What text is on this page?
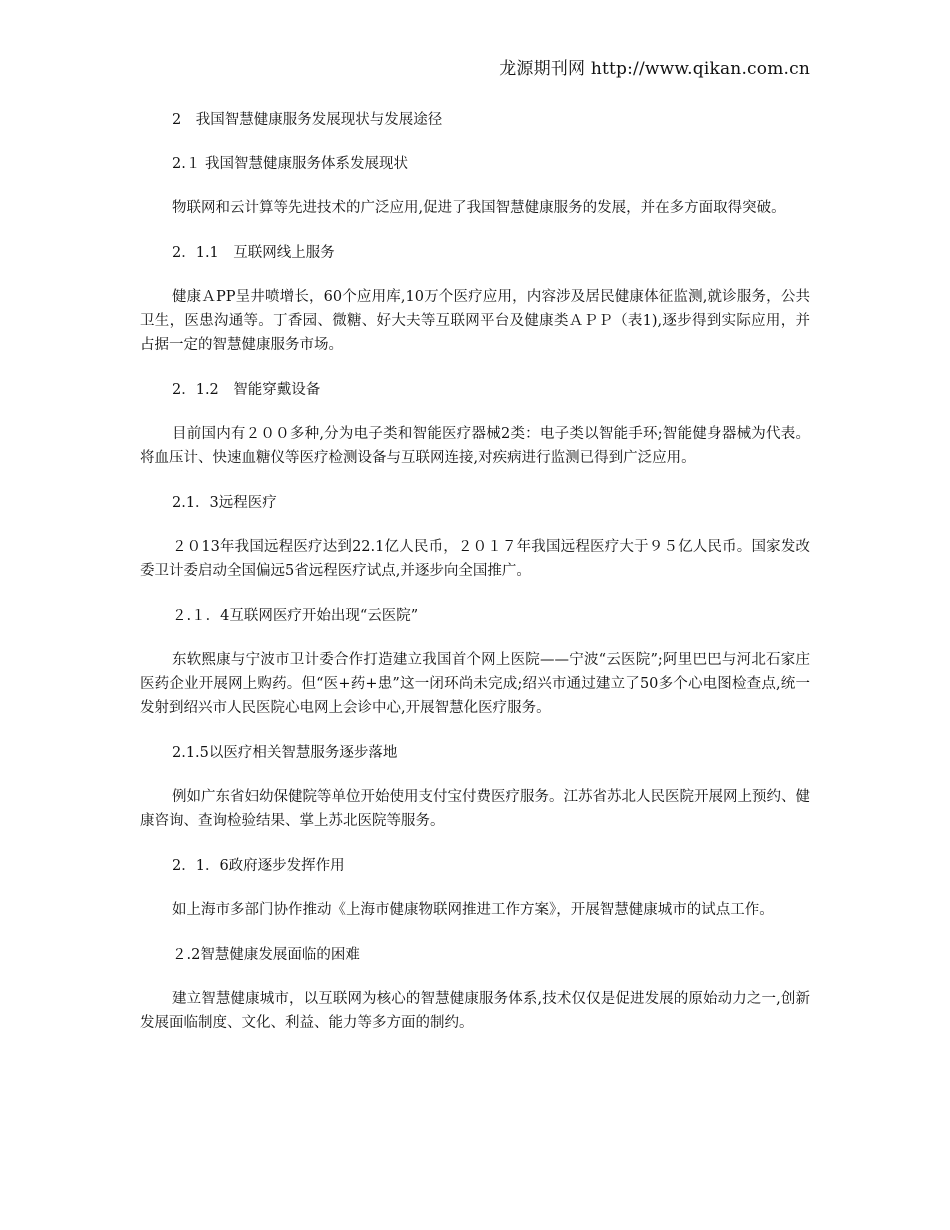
龙源期刊网 http://www.qikan.com.cn

2　我国智慧健康服务发展现状与发展途径

2.１ 我国智慧健康服务体系发展现状

物联网和云计算等先进技术的广泛应用,促进了我国智慧健康服务的发展，并在多方面取得突破。

2．1.1　互联网线上服务

健康ＡPP呈井喷增长，60个应用库,10万个医疗应用，内容涉及居民健康体征监测,就诊服务，公共卫生，医患沟通等。丁香园、微糖、好大夫等互联网平台及健康类ＡＰＰ（表1),逐步得到实际应用，并占据一定的智慧健康服务市场。

2．1.2　智能穿戴设备

目前国内有２００多种,分为电子类和智能医疗器械2类：电子类以智能手环;智能健身器械为代表。将血压计、快速血糖仪等医疗检测设备与互联网连接,对疾病进行监测已得到广泛应用。

2.1．3远程医疗

２０13年我国远程医疗达到22.1亿人民币，２０１７年我国远程医疗大于９５亿人民币。国家发改委卫计委启动全国偏远5省远程医疗试点,并逐步向全国推广。

２.１．4互联网医疗开始出现“云医院”

东软熙康与宁波市卫计委合作打造建立我国首个网上医院——宁波“云医院”;阿里巴巴与河北石家庄医药企业开展网上购药。但“医+药+患”这一闭环尚未完成;绍兴市通过建立了50多个心电图检查点,统一发射到绍兴市人民医院心电网上会诊中心,开展智慧化医疗服务。

2.1.5以医疗相关智慧服务逐步落地

例如广东省妇幼保健院等单位开始使用支付宝付费医疗服务。江苏省苏北人民医院开展网上预约、健康咨询、查询检验结果、掌上苏北医院等服务。

2．1．6政府逐步发挥作用

如上海市多部门协作推动《上海市健康物联网推进工作方案》，开展智慧健康城市的试点工作。

２.2智慧健康发展面临的困难

建立智慧健康城市，以互联网为核心的智慧健康服务体系,技术仅仅是促进发展的原始动力之一,创新发展面临制度、文化、利益、能力等多方面的制约。
